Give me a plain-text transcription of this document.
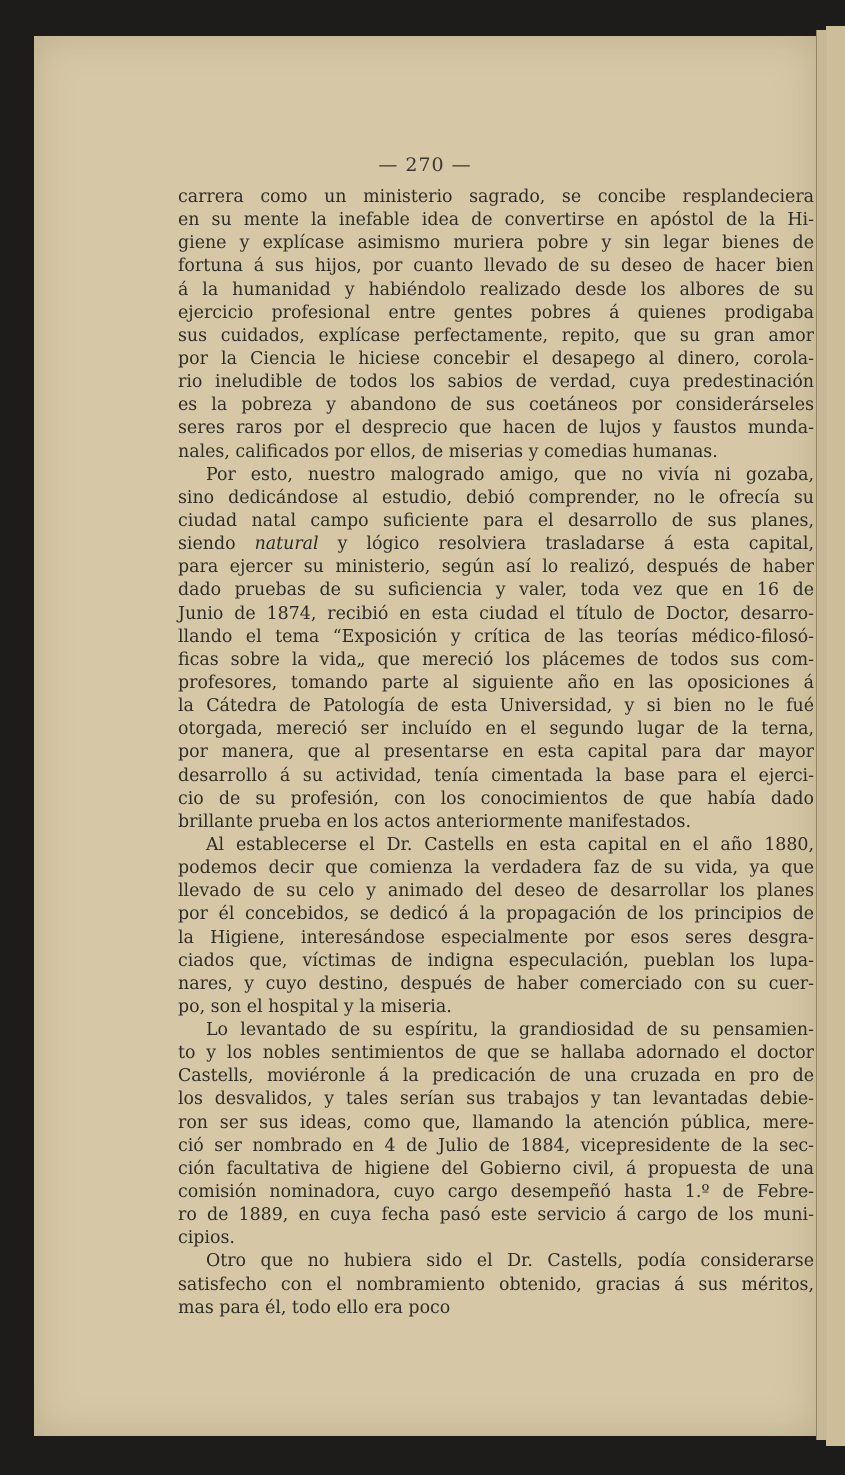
— 270 —
carrera como un ministerio sagrado, se concibe resplandeciera
en su mente la inefable idea de convertirse en apóstol de la Hi-
giene y explícase asimismo muriera pobre y sin legar bienes de
fortuna á sus hijos, por cuanto llevado de su deseo de hacer bien
á la humanidad y habiéndolo realizado desde los albores de su
ejercicio profesional entre gentes pobres á quienes prodigaba
sus cuidados, explícase perfectamente, repito, que su gran amor
por la Ciencia le hiciese concebir el desapego al dinero, corola-
rio ineludible de todos los sabios de verdad, cuya predestinación
es la pobreza y abandono de sus coetáneos por considerárseles
seres raros por el desprecio que hacen de lujos y faustos munda-
nales, calificados por ellos, de miserias y comedias humanas.
Por esto, nuestro malogrado amigo, que no vivía ni gozaba,
sino dedicándose al estudio, debió comprender, no le ofrecía su
ciudad natal campo suficiente para el desarrollo de sus planes,
siendo natural y lógico resolviera trasladarse á esta capital,
para ejercer su ministerio, según así lo realizó, después de haber
dado pruebas de su suficiencia y valer, toda vez que en 16 de
Junio de 1874, recibió en esta ciudad el título de Doctor, desarro-
llando el tema “Exposición y crítica de las teorías médico-filosó-
ficas sobre la vida„ que mereció los plácemes de todos sus com-
profesores, tomando parte al siguiente año en las oposiciones á
la Cátedra de Patología de esta Universidad, y si bien no le fué
otorgada, mereció ser incluído en el segundo lugar de la terna,
por manera, que al presentarse en esta capital para dar mayor
desarrollo á su actividad, tenía cimentada la base para el ejerci-
cio de su profesión, con los conocimientos de que había dado
brillante prueba en los actos anteriormente manifestados.
Al establecerse el Dr. Castells en esta capital en el año 1880,
podemos decir que comienza la verdadera faz de su vida, ya que
llevado de su celo y animado del deseo de desarrollar los planes
por él concebidos, se dedicó á la propagación de los principios de
la Higiene, interesándose especialmente por esos seres desgra-
ciados que, víctimas de indigna especulación, pueblan los lupa-
nares, y cuyo destino, después de haber comerciado con su cuer-
po, son el hospital y la miseria.
Lo levantado de su espíritu, la grandiosidad de su pensamien-
to y los nobles sentimientos de que se hallaba adornado el doctor
Castells, moviéronle á la predicación de una cruzada en pro de
los desvalidos, y tales serían sus trabajos y tan levantadas debie-
ron ser sus ideas, como que, llamando la atención pública, mere-
ció ser nombrado en 4 de Julio de 1884, vicepresidente de la sec-
ción facultativa de higiene del Gobierno civil, á propuesta de una
comisión nominadora, cuyo cargo desempeñó hasta 1.º de Febre-
ro de 1889, en cuya fecha pasó este servicio á cargo de los muni-
cipios.
Otro que no hubiera sido el Dr. Castells, podía considerarse
satisfecho con el nombramiento obtenido, gracias á sus méritos,
mas para él, todo ello era poco
